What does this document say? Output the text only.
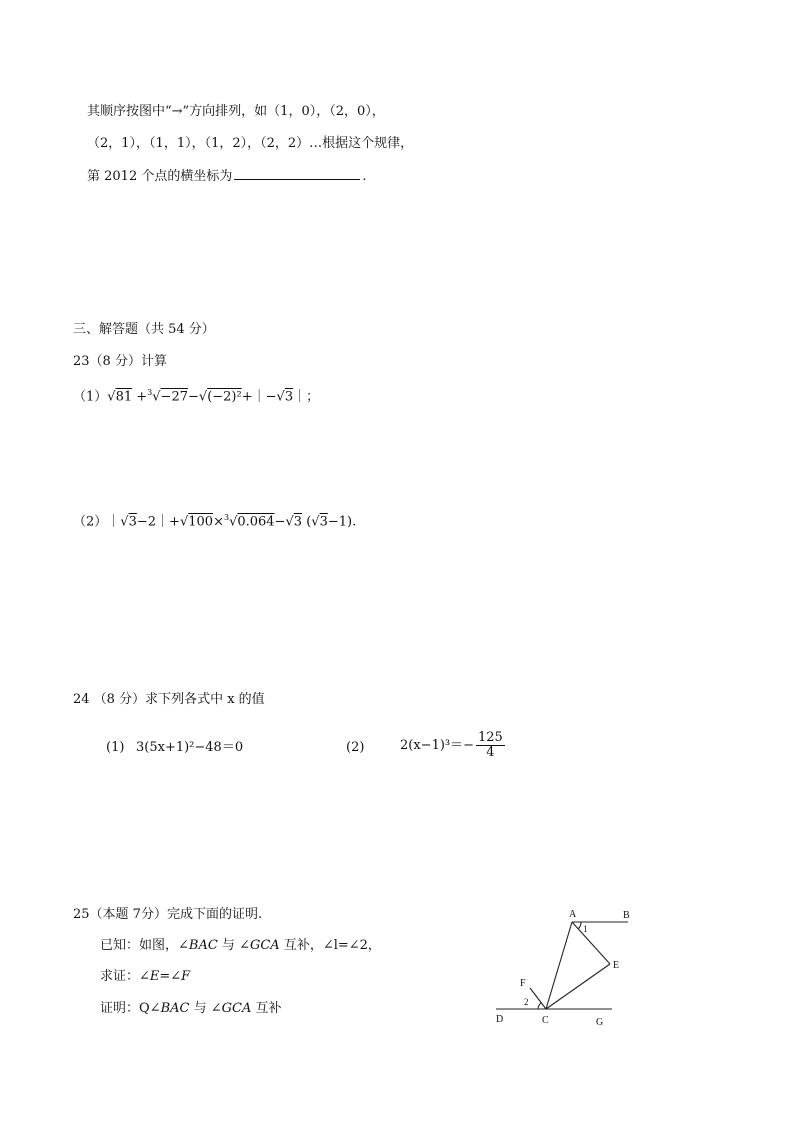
其顺序按图中“→”方向排列，如（1，0），（2，0），
（2，1），（1，1），（1，2），（2，2）…根据这个规律，
第 2012 个点的横坐标为	.
三、解答题（共 54 分）
23（8 分）计算
（1）√81 +$^3$√−27−√(−2)²+｜−√3｜；
（2）｜√3−2｜+√100×$^3$√0.064−√3 (√3−1).
24 （8 分）求下列各式中 x 的值
(1) 3(5x+1)²−48＝0	(2)	$2(x-1)^3=- \frac{125}{4}$
25（本题 7分）完成下面的证明.
已知：如图，∠BAC 与 ∠GCA 互补，∠l=∠2，
求证：∠E=∠F
证明：Q∠BAC 与 ∠GCA 互补
A	B
E
F
D	C	G
1
2
